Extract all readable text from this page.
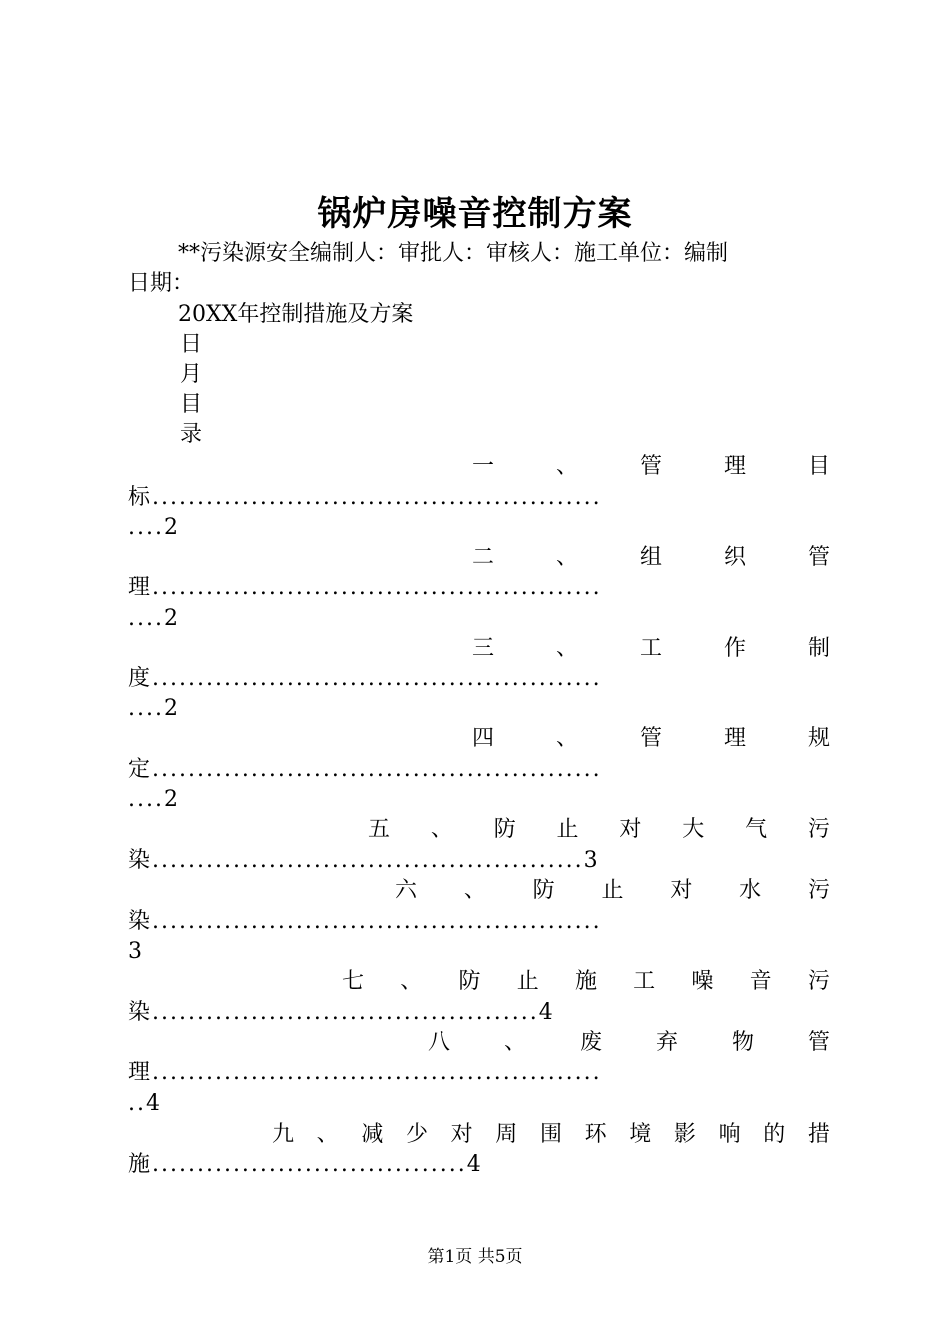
锅炉房噪音控制方案
**污染源安全编制人：审批人：审核人：施工单位：编制
日期：
20XX年控制措施及方案
日
月
目
录
一	、	管	理	目
标 ..................................................
....2
二	、	组	织	管
理 ..................................................
....2
三	、	工	作	制
度 ..................................................
....2
四	、	管	理	规
定 ..................................................
....2
五 、 防 止 对 大 气 污
染 ................................................3
六 、 防 止 对 水 污
染 ..................................................
3
七 、 防 止 施 工 噪 音 污
染 ...........................................4
八 、 废 弃 物 管
理 ..................................................
..4
九 、 减 少 对 周 围 环 境 影 响 的 措
施 ...................................4
第1页 共5页
